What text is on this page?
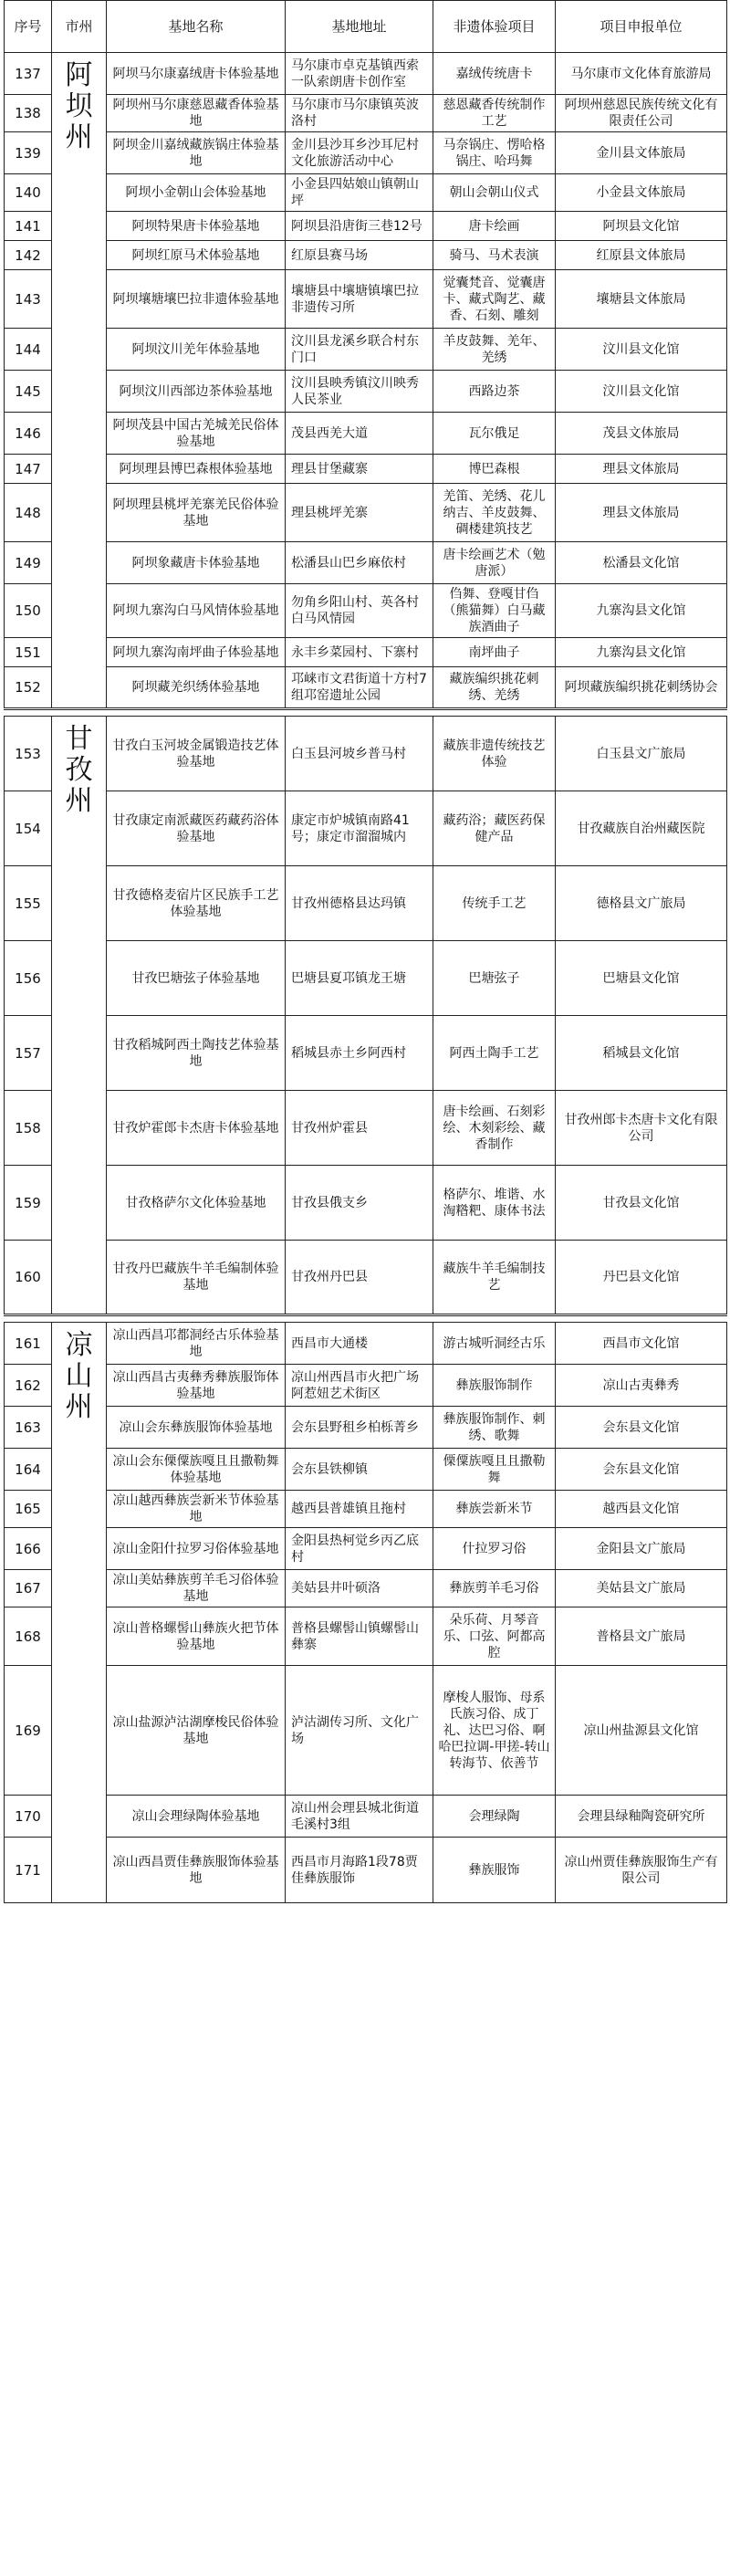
序号	市州	基地名称	基地地址	非遗体验项目	项目申报单位
137	阿坝州	阿坝马尔康嘉绒唐卡体验基地	马尔康市卓克基镇西索一队索朗唐卡创作室	嘉绒传统唐卡	马尔康市文化体育旅游局
138		阿坝州马尔康慈恩藏香体验基地	马尔康市马尔康镇英波洛村	慈恩藏香传统制作工艺	阿坝州慈恩民族传统文化有限责任公司
139		阿坝金川嘉绒藏族锅庄体验基地	金川县沙耳乡沙耳尼村文化旅游活动中心	马奈锅庄、愣哈格锅庄、哈玛舞	金川县文体旅局
140		阿坝小金朝山会体验基地	小金县四姑娘山镇朝山坪	朝山会朝山仪式	小金县文体旅局
141		阿坝特果唐卡体验基地	阿坝县沿唐街三巷12号	唐卡绘画	阿坝县文化馆
142		阿坝红原马术体验基地	红原县赛马场	骑马、马术表演	红原县文体旅局
143		阿坝壤塘壤巴拉非遗体验基地	壤塘县中壤塘镇壤巴拉非遗传习所	觉囊梵音、觉囊唐卡、藏式陶艺、藏香、石刻、雕刻	壤塘县文体旅局
144		阿坝汶川羌年体验基地	汶川县龙溪乡联合村东门口	羊皮鼓舞、羌年、羌绣	汶川县文化馆
145		阿坝汶川西部边茶体验基地	汶川县映秀镇汶川映秀人民茶业	西路边茶	汶川县文化馆
146		阿坝茂县中国古羌城羌民俗体验基地	茂县西羌大道	瓦尔俄足	茂县文体旅局
147		阿坝理县博巴森根体验基地	理县甘堡藏寨	博巴森根	理县文体旅局
148		阿坝理县桃坪羌寨羌民俗体验基地	理县桃坪羌寨	羌笛、羌绣、花儿纳吉、羊皮鼓舞、碉楼建筑技艺	理县文体旅局
149		阿坝象藏唐卡体验基地	松潘县山巴乡麻依村	唐卡绘画艺术（勉唐派）	松潘县文化馆
150		阿坝九寨沟白马风情体验基地	勿角乡阳山村、英各村白马风情园	㑇舞、登嘎甘㑇（熊猫舞）白马藏族酒曲子	九寨沟县文化馆
151		阿坝九寨沟南坪曲子体验基地	永丰乡菜园村、下寨村	南坪曲子	九寨沟县文化馆
152		阿坝藏羌织绣体验基地	邛崃市文君街道十方村7组邛窑遗址公园	藏族编织挑花刺绣、羌绣	阿坝藏族编织挑花刺绣协会

153	甘孜州	甘孜白玉河坡金属锻造技艺体验基地	白玉县河坡乡普马村	藏族非遗传统技艺体验	白玉县文广旅局
154		甘孜康定南派藏医药藏药浴体验基地	康定市炉城镇南路41号；康定市溜溜城内	藏药浴；藏医药保健产品	甘孜藏族自治州藏医院
155		甘孜德格麦宿片区民族手工艺体验基地	甘孜州德格县达玛镇	传统手工艺	德格县文广旅局
156		甘孜巴塘弦子体验基地	巴塘县夏邛镇龙王塘	巴塘弦子	巴塘县文化馆
157		甘孜稻城阿西土陶技艺体验基地	稻城县赤土乡阿西村	阿西土陶手工艺	稻城县文化馆
158		甘孜炉霍郎卡杰唐卡体验基地	甘孜州炉霍县	唐卡绘画、石刻彩绘、木刻彩绘、藏香制作	甘孜州郎卡杰唐卡文化有限公司
159		甘孜格萨尔文化体验基地	甘孜县俄支乡	格萨尔、堆谐、水淘糌粑、康体书法	甘孜县文化馆
160		甘孜丹巴藏族牛羊毛编制体验基地	甘孜州丹巴县	藏族牛羊毛编制技艺	丹巴县文化馆

161	凉山州	凉山西昌邛都洞经古乐体验基地	西昌市大通楼	游古城听洞经古乐	西昌市文化馆
162		凉山西昌古夷彝秀彝族服饰体验基地	凉山州西昌市火把广场阿惹妞艺术街区	彝族服饰制作	凉山古夷彝秀
163		凉山会东彝族服饰体验基地	会东县野租乡柏栎菁乡	彝族服饰制作、刺绣、歌舞	会东县文化馆
164		凉山会东傈僳族嘎且且撒勒舞体验基地	会东县铁柳镇	傈僳族嘎且且撒勒舞	会东县文化馆
165		凉山越西彝族尝新米节体验基地	越西县普雄镇且拖村	彝族尝新米节	越西县文化馆
166		凉山金阳什拉罗习俗体验基地	金阳县热柯觉乡丙乙底村	什拉罗习俗	金阳县文广旅局
167		凉山美姑彝族剪羊毛习俗体验基地	美姑县井叶硕洛	彝族剪羊毛习俗	美姑县文广旅局
168		凉山普格螺髻山彝族火把节体验基地	普格县螺髻山镇螺髻山彝寨	朵乐荷、月琴音乐、口弦、阿都高腔	普格县文广旅局
169		凉山盐源泸沽湖摩梭民俗体验基地	泸沽湖传习所、文化广场	摩梭人服饰、母系氏族习俗、成丁礼、达巴习俗、啊哈巴拉调-甲搓-转山转海节、依善节	凉山州盐源县文化馆
170		凉山会理绿陶体验基地	凉山州会理县城北街道毛溪村3组	会理绿陶	会理县绿釉陶瓷研究所
171		凉山西昌贾佳彝族服饰体验基地	西昌市月海路1段78贾佳彝族服饰	彝族服饰	凉山州贾佳彝族服饰生产有限公司
